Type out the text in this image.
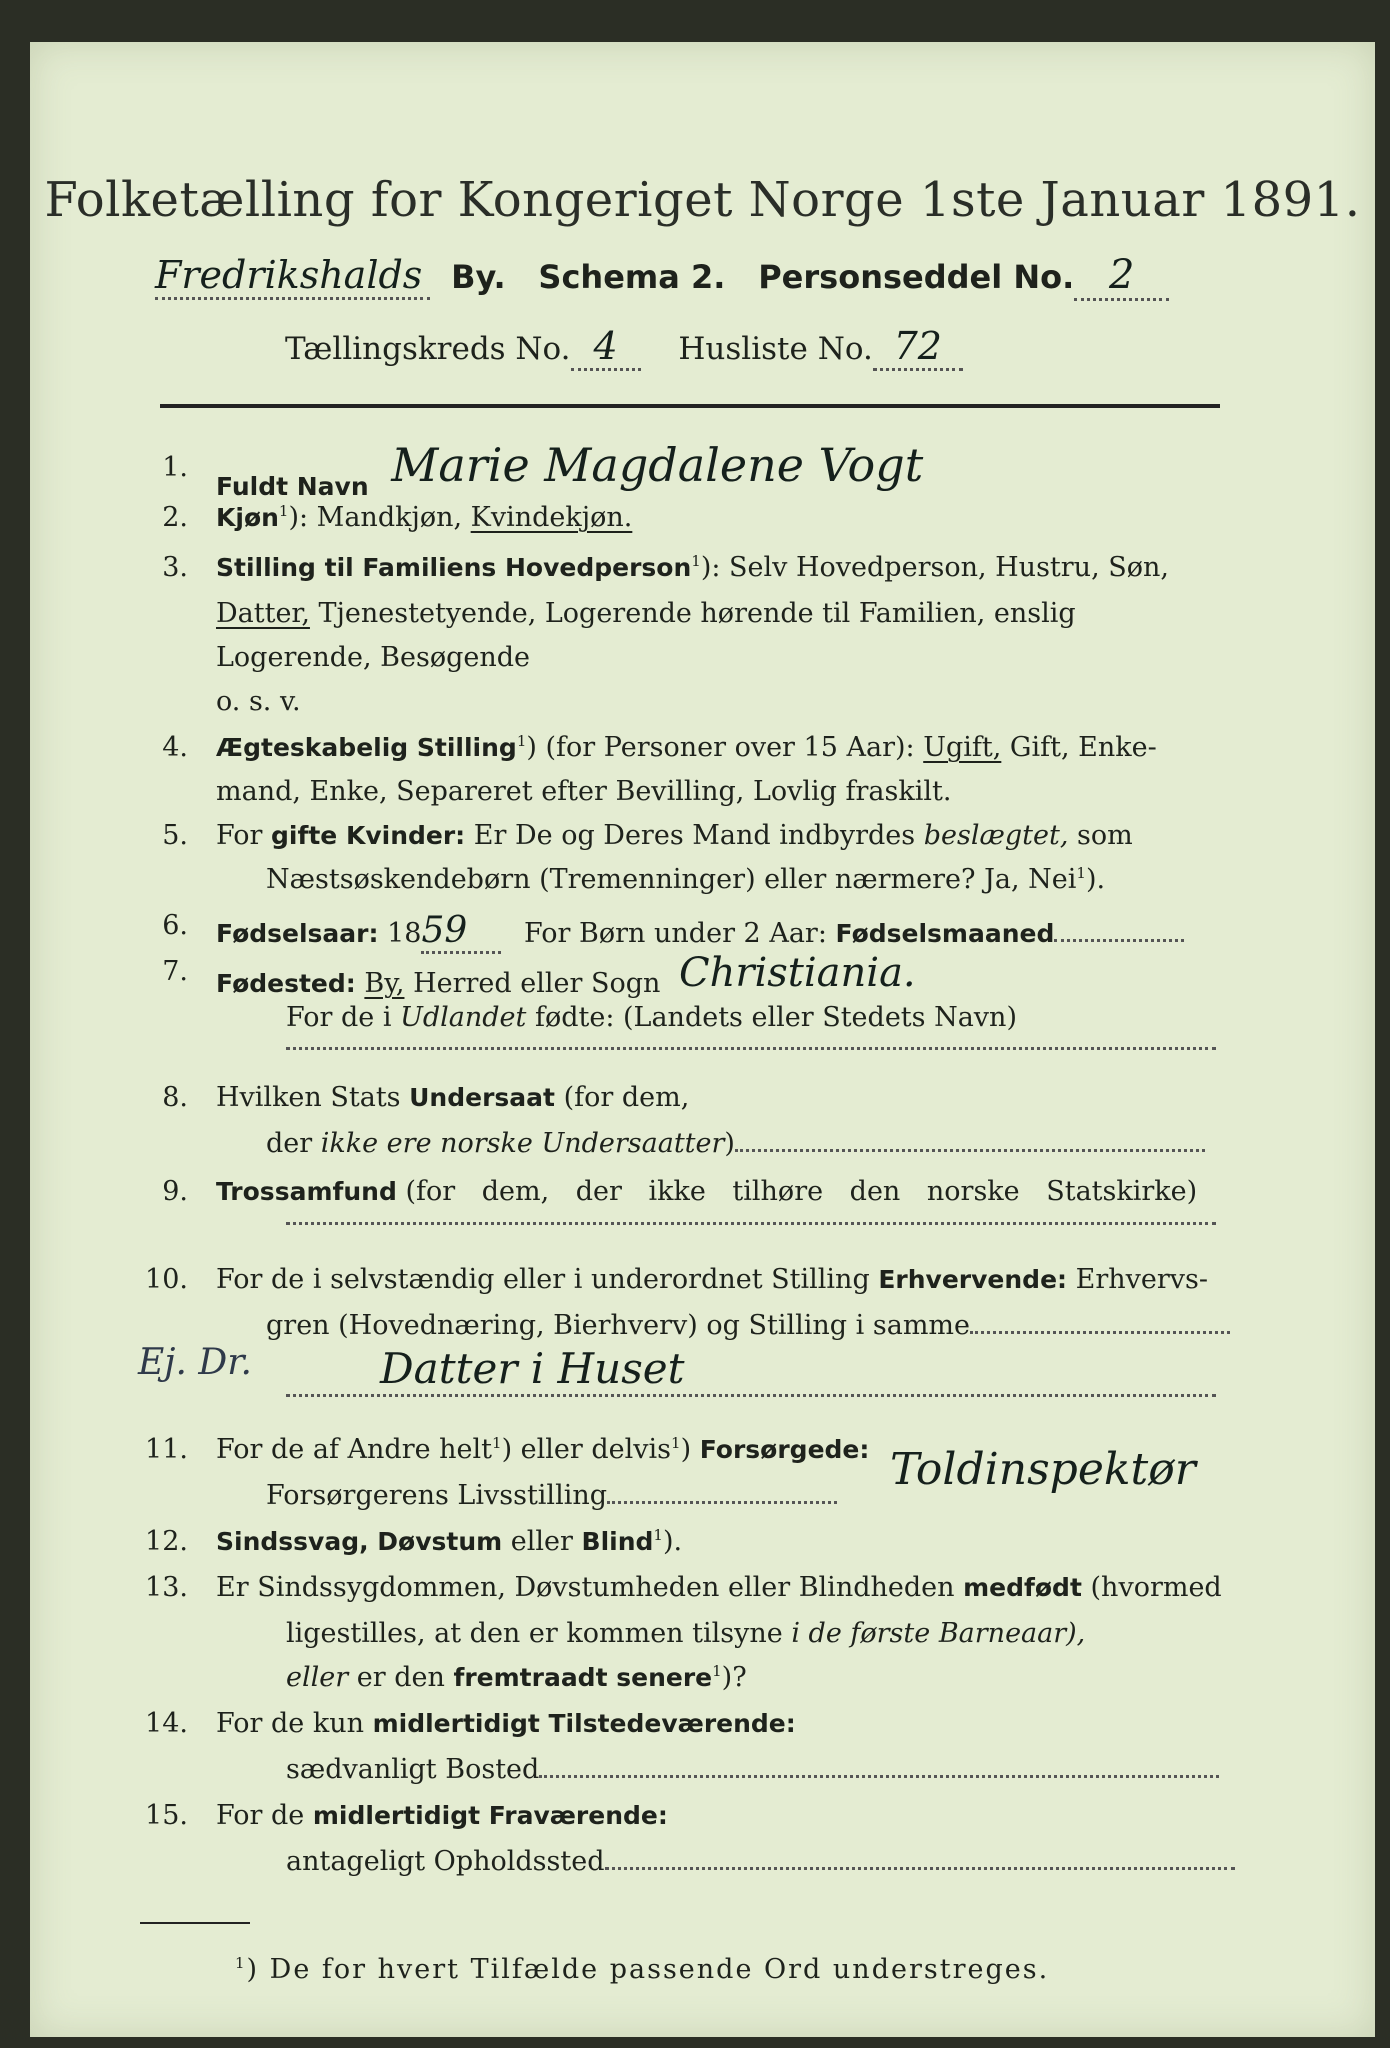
Folketælling for Kongeriget Norge 1ste Januar 1891.
Fredrikshalds By. Schema 2. Personseddel No. 2
Tællingskreds No. 4 Husliste No. 72
1.
Fuldt Navn Marie Magdalene Vogt
2. Kjøn$^1$): Mandkjøn, Kvindekjøn.
3. Stilling til Familiens Hovedperson$^1$): Selv Hovedperson, Hustru, Søn,
Datter, Tjenestetyende, Logerende hørende til Familien, enslig
Logerende, Besøgende
o. s. v.
4. Ægteskabelig Stilling$^1$) (for Personer over 15 Aar): Ugift, Gift, Enke-
mand, Enke, Separeret efter Bevilling, Lovlig fraskilt.
5. For gifte Kvinder: Er De og Deres Mand indbyrdes beslægtet, som
Næstsøskendebørn (Tremenninger) eller nærmere? Ja, Nei$^1$).
6. Fødselsaar: 1859 For Børn under 2 Aar: Fødselsmaaned
7. Fødested: By, Herred eller Sogn Christiania.
For de i Udlandet fødte: (Landets eller Stedets Navn)
8. Hvilken Stats Undersaat (for dem,
der ikke ere norske Undersaatter)
9. Trossamfund (for dem, der ikke tilhøre den norske Statskirke)
10. For de i selvstændig eller i underordnet Stilling Erhvervende: Erhvervs-
gren (Hovednæring, Bierhverv) og Stilling i samme
Ej. Dr.	Datter i Huset
11. For de af Andre helt$^1$) eller delvis$^1$) Forsørgede:
Forsørgerens Livsstilling
Toldinspektør
12. Sindssvag, Døvstum eller Blind$^1$).
13. Er Sindssygdommen, Døvstumheden eller Blindheden medfødt (hvormed
ligestilles, at den er kommen tilsyne i de første Barneaar),
eller er den fremtraadt senere$^1$)?
14. For de kun midlertidigt Tilstedeværende:
sædvanligt Bosted
15. For de midlertidigt Fraværende:
antageligt Opholdssted
$^1$) De for hvert Tilfælde passende Ord understreges.
